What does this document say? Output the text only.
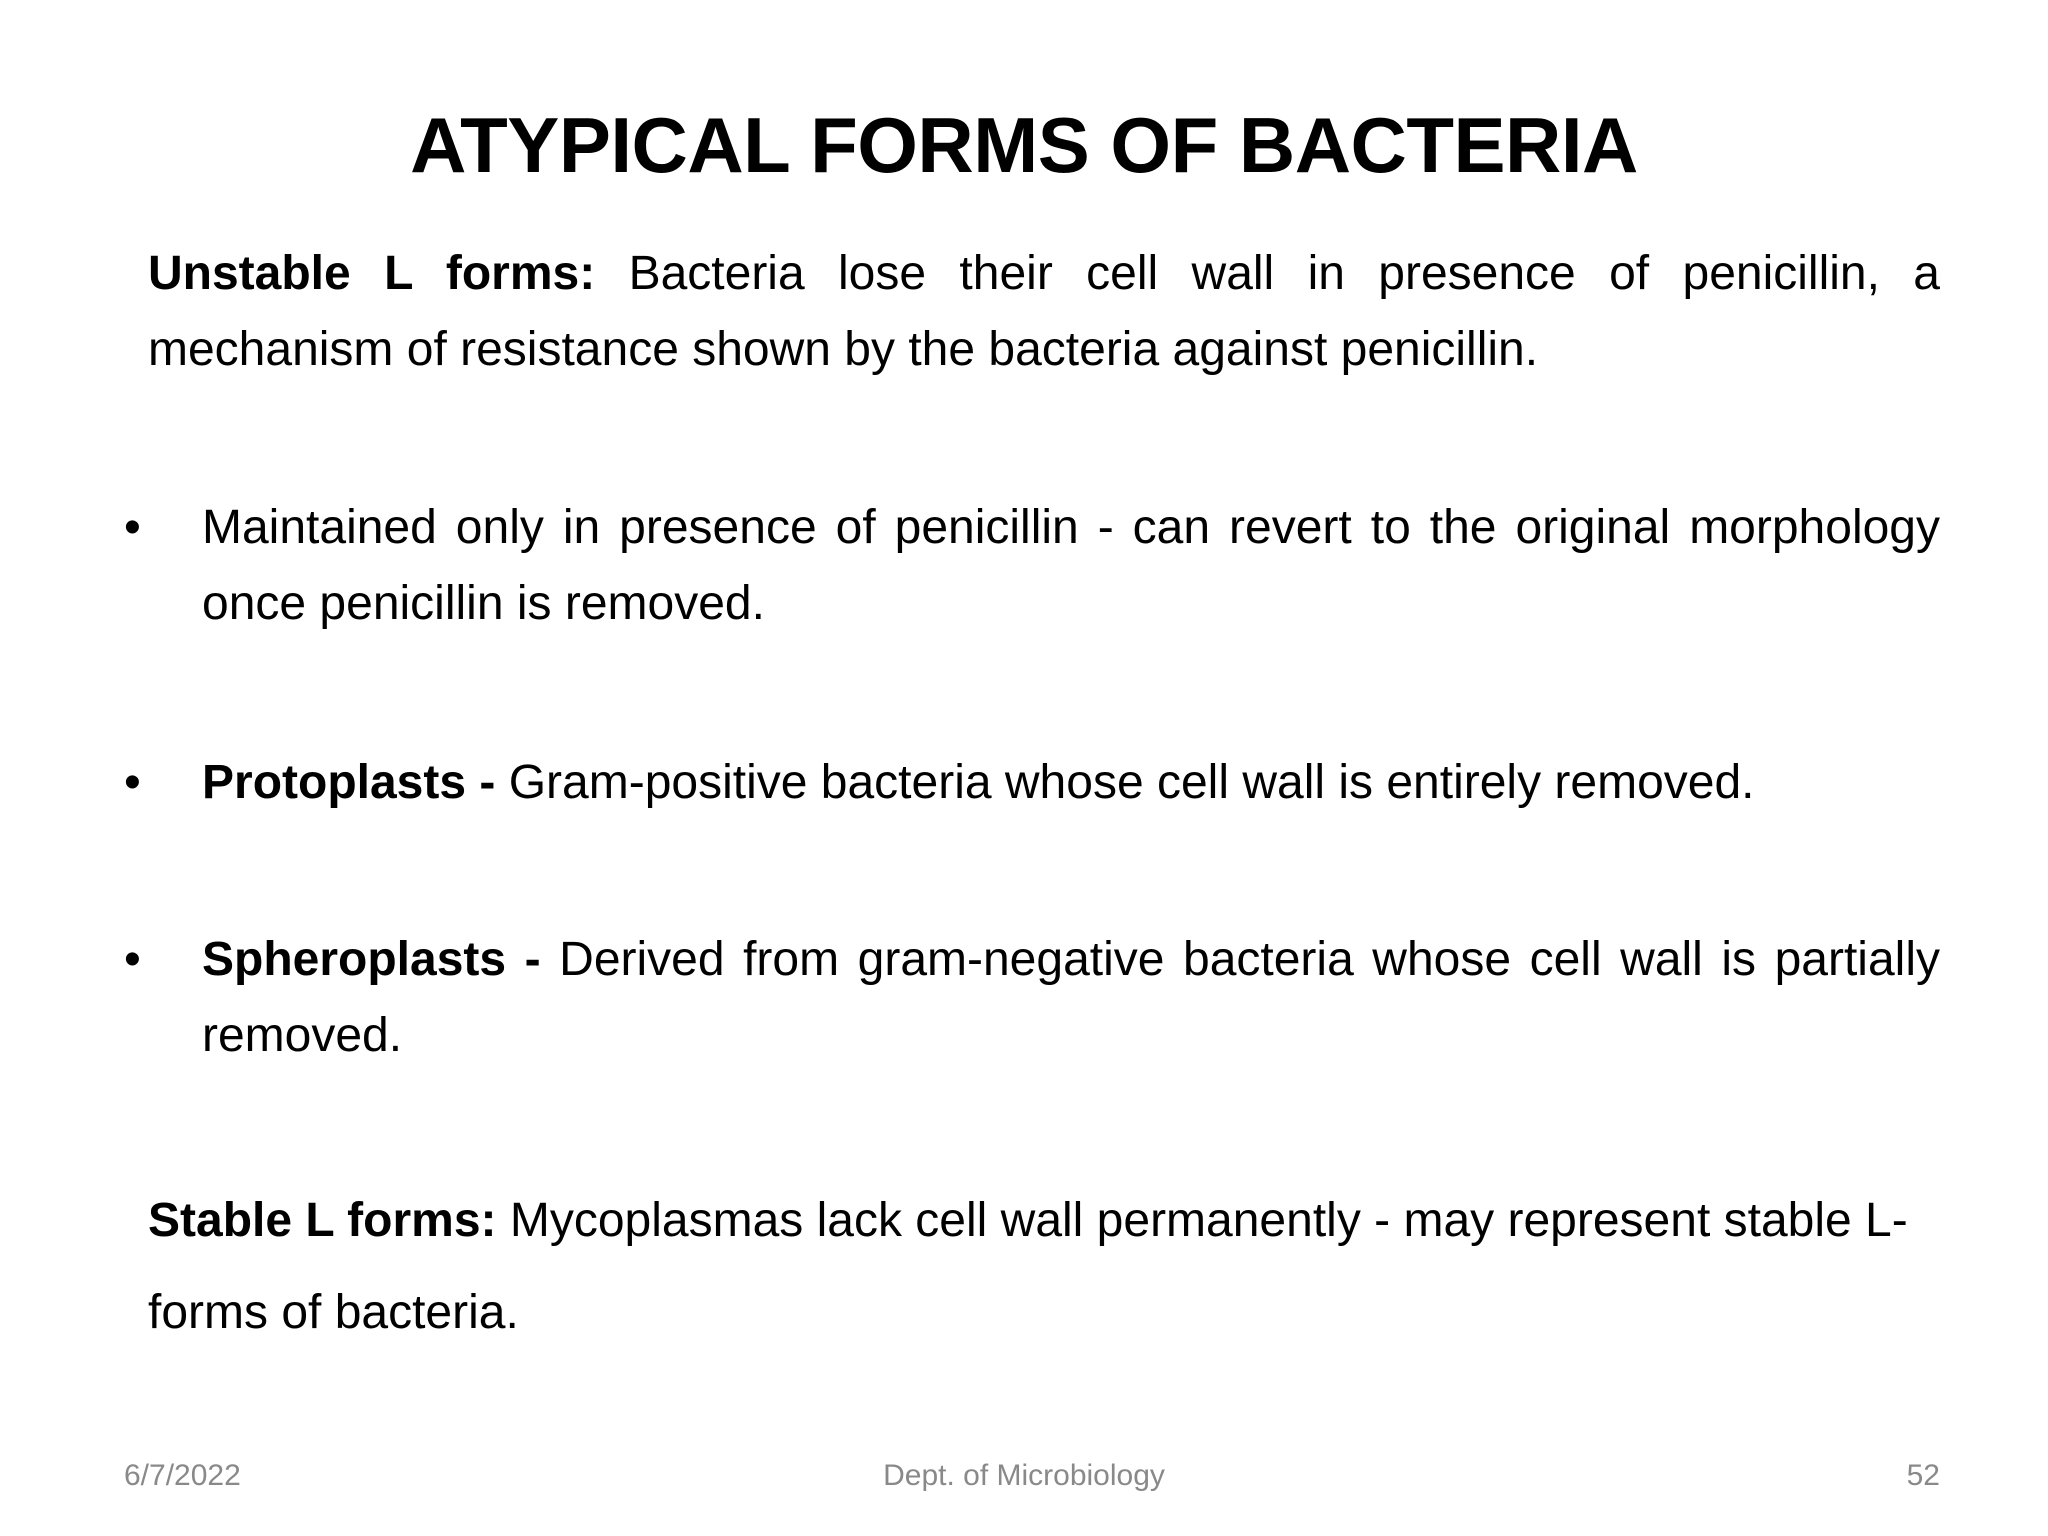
ATYPICAL FORMS OF BACTERIA
Unstable L forms: Bacteria lose their cell wall in presence of penicillin, a mechanism of resistance shown by the bacteria against penicillin.
• Maintained only in presence of penicillin - can revert to the original morphology once penicillin is removed.
• Protoplasts - Gram-positive bacteria whose cell wall is entirely removed.
• Spheroplasts - Derived from gram-negative bacteria whose cell wall is partially removed.
Stable L forms: Mycoplasmas lack cell wall permanently - may represent stable L-forms of bacteria.
Dept. of Microbiology
6/7/2022	52
